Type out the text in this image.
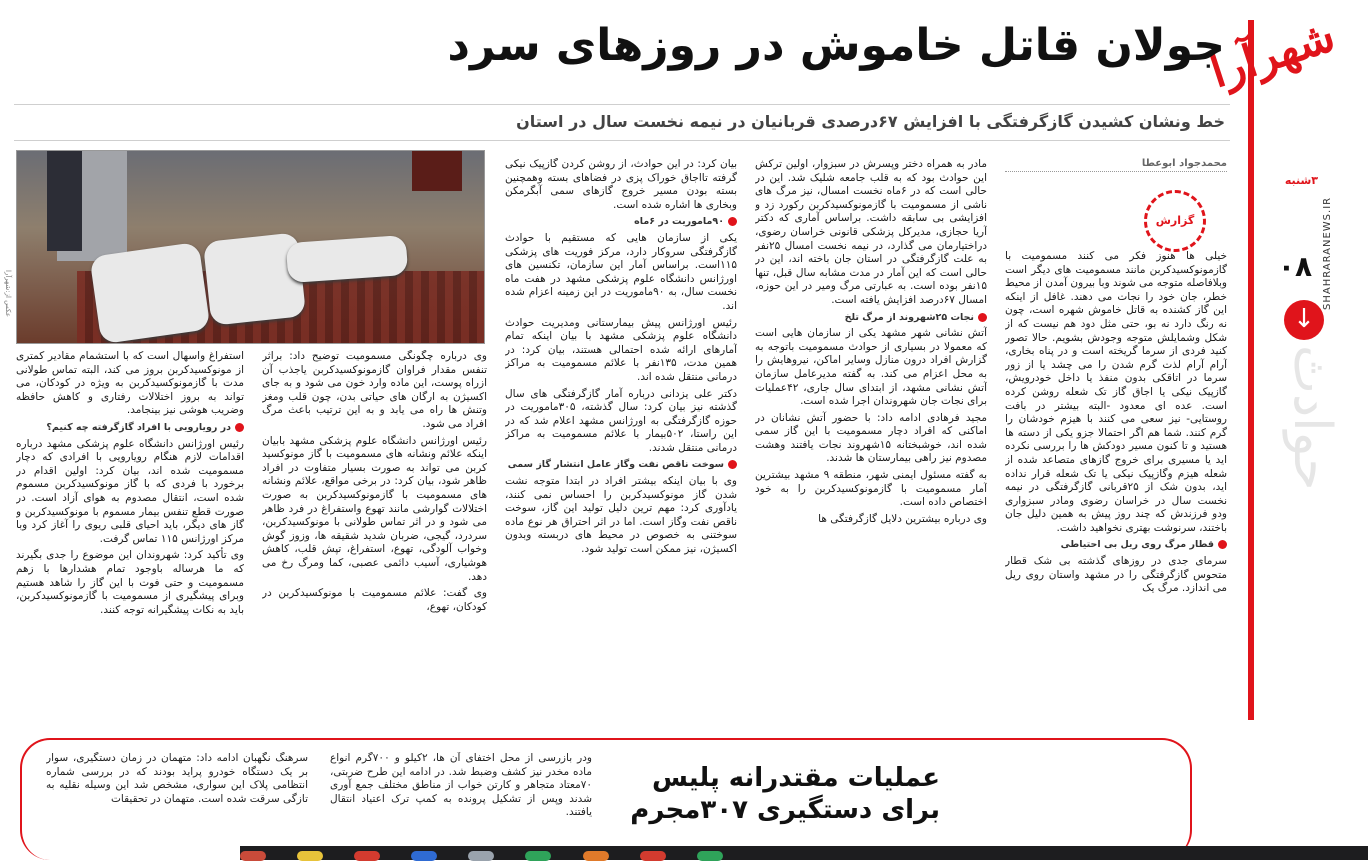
شهرآرا
۳شنبه
SHAHRARANEWS.IR
۰۸
↓
حوادث
جولان قاتل خاموش در روزهای سرد
خط ونشان کشیدن گازگرفتگی با افزایش ۶۷درصدی قربانیان در نیمه نخست سال در استان
عکس از:شهرآرا
محمدجواد ابوعطا
گزارش

خیلی ها هنوز فکر می کنند مسمومیت با گازمونوکسیدکربن مانند مسمومیت های دیگر است وبلافاصله متوجه می شوند وبا بیرون آمدن از محیط خطر، جان خود را نجات می دهند. غافل از اینکه این گاز کشنده به قاتل خاموش شهره است، چون نه رنگ دارد نه بو، حتی مثل دود هم نیست که از شکل وشمایلش متوجه وجودش بشویم. حالا تصور کنید فردی از سرما گریخته است و در پناه بخاری، آرام آرام لذت گرم شدن را می چشد یا از زور سرما در اتاقکی بدون منفذ یا داخل خودرویش، گازپیک نیکی یا اجاق گاز تک شعله روشن کرده است. عده ای معدود -البته بیشتر در بافت روستایی- نیز سعی می کنند با هیزم خودشان را گرم کنند. شما هم اگر احتمالا جزو یکی از دسته ها هستید و تا کنون مسیر دودکش ها را بررسی نکرده اید یا مسیری برای خروج گازهای متصاعد شده از شعله هیزم وگازپیک نیکی یا تک شعله قرار نداده اید، بدون شک از ۲۵قربانی گازگرفتگی در نیمه نخست سال در خراسان رضوی ومادر سبزواری ودو فرزندش که چند روز پیش به همین دلیل جان باختند، سرنوشت بهتری نخواهید داشت.

قطار مرگ روی ریل بی احتیاطی

سرمای جدی در روزهای گذشته بی شک قطار متحوس گازگرفتگی را در مشهد واستان روی ریل می اندازد. مرگ یک

مادر به همراه دختر وپسرش در سبزوار، اولین ترکش این حوادث بود که به قلب جامعه شلیک شد. این در حالی است که در ۶ماه نخست امسال، نیز مرگ های ناشی از مسمومیت با گازمونوکسیدکربن رکورد زد و افزایشی بی سابقه داشت. براساس آماری که دکتر آریا حجازی، مدیرکل پزشکی قانونی خراسان رضوی، دراختیارمان می گذارد، در نیمه نخست امسال ۲۵نفر به علت گازگرفتگی در استان جان باخته اند، این در حالی است که این آمار در مدت مشابه سال قبل، تنها ۱۵نفر بوده است. به عبارتی مرگ ومیر در این حوزه، امسال ۶۷درصد افزایش یافته است.

نجات ۲۵شهروند از مرگ تلخ

آتش نشانی شهر مشهد یکی از سازمان هایی است که معمولا در بسیاری از حوادث مسمومیت باتوجه به گزارش افراد درون منازل وسایر اماکن، نیروهایش را به محل اعزام می کند. به گفته مدیرعامل سازمان آتش نشانی مشهد، از ابتدای سال جاری، ۴۲عملیات برای نجات جان شهروندان اجرا شده است.

مجید فرهادی ادامه داد: با حضور آتش نشانان در اماکنی که افراد دچار مسمومیت با این گاز سمی شده اند، خوشبختانه ۱۵شهروند نجات یافتند وهشت مصدوم نیز راهی بیمارستان ها شدند.

به گفته مسئول ایمنی شهر، منطقه ۹ مشهد بیشترین آمار مسمومیت با گازمونوکسیدکربن را به خود اختصاص داده است.

وی درباره بیشترین دلایل گازگرفتگی ها

بیان کرد: در این حوادث، از روشن کردن گازپیک نیکی گرفته تااجاق خوراک پزی در فضاهای بسته وهمچنین بسته بودن مسیر خروج گازهای سمی آبگرمکن وبخاری ها اشاره شده است.

۹۰ماموریت در ۶ماه

یکی از سازمان هایی که مستقیم با حوادث گازگرفتگی سروکار دارد، مرکز فوریت های پزشکی ۱۱۵است. براساس آمار این سازمان، تکنسین های اورژانس دانشگاه علوم پزشکی مشهد در هفت ماه نخست سال، به ۹۰ماموریت در این زمینه اعزام شده اند.

رئیس اورژانس پیش بیمارستانی ومدیریت حوادث دانشگاه علوم پزشکی مشهد با بیان اینکه تمام آمارهای ارائه شده احتمالی هستند، بیان کرد: در همین مدت، ۱۳۵نفر با علائم مسمومیت به مراکز درمانی منتقل شده اند.

دکتر علی یزدانی درباره آمار گازگرفتگی های سال گذشته نیز بیان کرد: سال گذشته، ۳۰۵ماموریت در حوزه گازگرفتگی به اورژانس مشهد اعلام شد که در این راستا، ۵۰۲بیمار با علائم مسمومیت به مراکز درمانی منتقل شدند.

سوخت ناقص نفت وگاز عامل انتشار گاز سمی

وی با بیان اینکه بیشتر افراد در ابتدا متوجه نشت شدن گاز مونوکسیدکربن را احساس نمی کنند، یادآوری کرد: مهم ترین دلیل تولید این گاز، سوخت ناقص نفت وگاز است. اما در اثر احتراق هر نوع ماده سوختنی به خصوص در محیط های دربسته وبدون اکسیژن، نیز ممکن است تولید شود.

وی درباره چگونگی مسمومیت توضیح داد: براثر تنفس مقدار فراوان گازمونوکسیدکربن یاجذب آن ازراه پوست، این ماده وارد خون می شود و به جای اکسیژن به ارگان های حیاتی بدن، چون قلب ومغز وتنش ها راه می یابد و به این ترتیب باعث مرگ افراد می شود.

رئیس اورژانس دانشگاه علوم پزشکی مشهد بابیان اینکه علائم ونشانه های مسمومیت با گاز مونوکسید کربن می تواند به صورت بسیار متفاوت در افراد ظاهر شود، بیان کرد: در برخی مواقع، علائم ونشانه های مسمومیت با گازمونوکسیدکربن به صورت اختلالات گوارشی مانند تهوع واستفراغ در فرد ظاهر می شود و در اثر تماس طولانی با مونوکسیدکربن، سردرد، گیجی، ضربان شدید شقیقه ها، وزوز گوش وخواب آلودگی، تهوع، استفراغ، تپش قلب، کاهش هوشیاری، آسیب دائمی عصبی، کما ومرگ رخ می دهد.

وی گفت: علائم مسمومیت با مونوکسیدکربن در کودکان، تهوع،

استفراغ واسهال است که با استشمام مقادیر کمتری از مونوکسیدکربن بروز می کند، البته تماس طولانی مدت با گازمونوکسیدکربن به ویژه در کودکان، می تواند به بروز اختلالات رفتاری و کاهش حافظه وضریب هوشی نیز بینجامد.

در رویارویی با افراد گازگرفته چه کنیم؟

رئیس اورژانس دانشگاه علوم پزشکی مشهد درباره اقدامات لازم هنگام رویارویی با افرادی که دچار مسمومیت شده اند، بیان کرد: اولین اقدام در برخورد با فردی که با گاز مونوکسیدکربن مسموم شده است، انتقال مصدوم به هوای آزاد است. در صورت قطع تنفس بیمار مسموم با مونوکسیدکربن و گاز های دیگر، باید احیای قلبی ریوی را آغاز کرد وبا مرکز اورژانس ۱۱۵ تماس گرفت.

وی تأکید کرد: شهروندان این موضوع را جدی بگیرند که ما هرساله باوجود تمام هشدارها با زهم مسمومیت و حتی فوت با این گاز را شاهد هستیم وبرای پیشگیری از مسمومیت با گازمونوکسیدکربن، باید به نکات پیشگیرانه توجه کنند.

عملیات مقتدرانه پلیس
برای دستگیری ۳۰۷مجرم
ودر بازرسی از محل اختفای آن ها، ۲کیلو و ۷۰۰گرم انواع ماده مخدر نیز کشف وضبط شد. در ادامه این طرح ضربتی، ۷۰معتاد متجاهر و کارتن خواب از مناطق مختلف جمع آوری شدند وپس از تشکیل پرونده به کمپ ترک اعتیاد انتقال یافتند.
سرهنگ نگهبان ادامه داد: متهمان در زمان دستگیری، سوار بر یک دستگاه خودرو پراید بودند که در بررسی شماره انتظامی پلاک این سواری، مشخص شد این وسیله نقلیه به تازگی سرقت شده است. متهمان در تحقیقات
